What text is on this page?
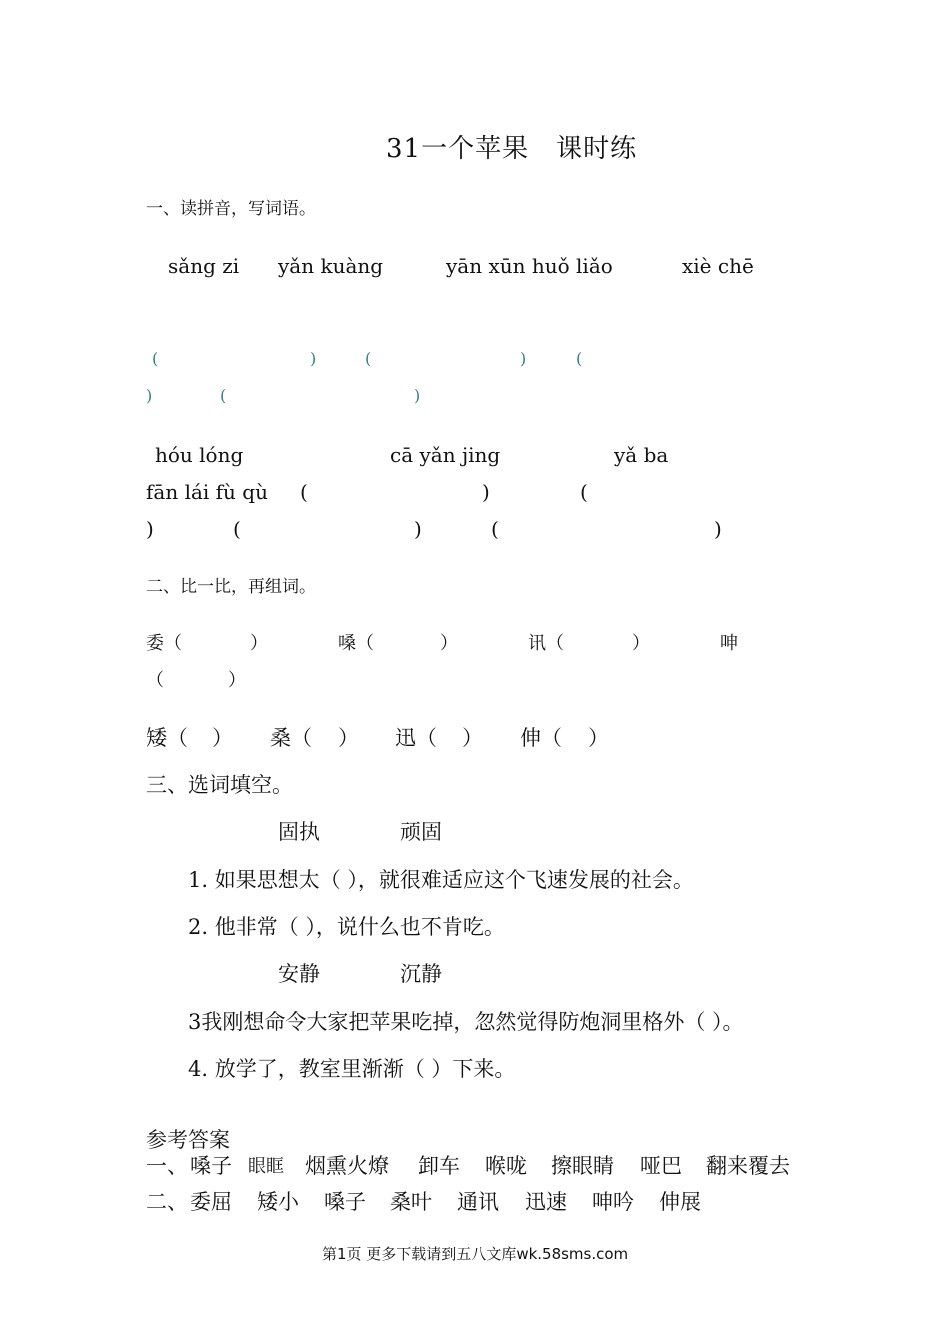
31一个苹果　课时练
一、读拼音，写词语。
sǎng zi yǎn kuàng	yān xūn huǒ liǎo	xiè chē
(	)	(	)	(
)	(	)
hóu lóng	cā yǎn jing	yǎ ba
fān lái fù qù (	)	(
)	(	)	(	)
二、比一比，再组词。
委（	）	嗓（	）	讯（	）	呻
（	）
矮（ ） 桑（ ） 迅（ ） 伸（ ）
三、选词填空。
固执	顽固
1. 如果思想太（ ），就很难适应这个飞速发展的社会。
2. 他非常（ ），说什么也不肯吃。
安静	沉静
3我刚想命令大家把苹果吃掉，忽然觉得防炮洞里格外（ ）。
4. 放学了，教室里渐渐（ ）下来。
参考答案
一、 嗓子 眼眶 烟熏火燎 卸车 喉咙 擦眼睛 哑巴 翻来覆去
二、 委屈 矮小 嗓子 桑叶 通讯 迅速 呻吟 伸展
第1页 更多下载请到五八文库wk.58sms.com
